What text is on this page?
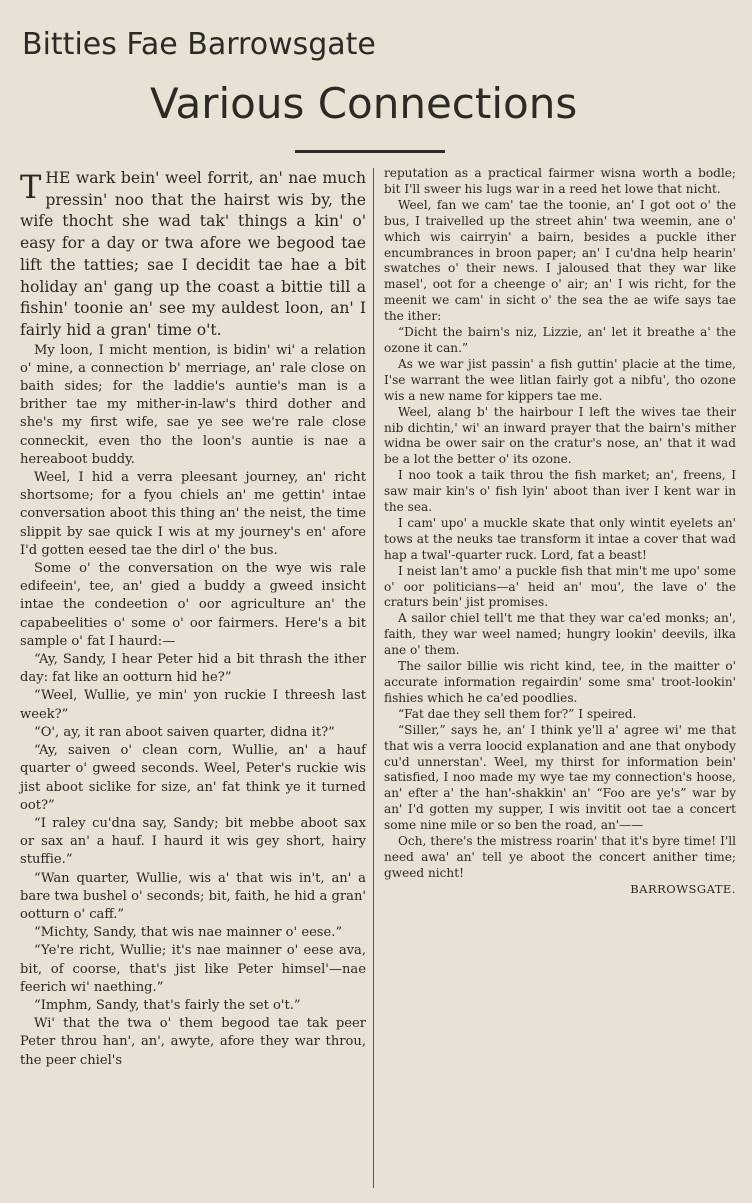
Bitties Fae Barrowsgate
Various Connections

THE wark bein' weel forrit, an' nae much pressin' noo that the hairst wis by, the wife thocht she wad tak' things a kin' o' easy for a day or twa afore we begood tae lift the tatties; sae I decidit tae hae a bit holiday an' gang up the coast a bittie till a fishin' toonie an' see my auldest loon, an' I fairly hid a gran' time o't.

My loon, I micht mention, is bidin' wi' a relation o' mine, a connection b' merriage, an' rale close on baith sides; for the laddie's auntie's man is a brither tae my mither-in-law's third dother and she's my first wife, sae ye see we're rale close conneckit, even tho the loon's auntie is nae a hereaboot buddy.

Weel, I hid a verra pleesant journey, an' richt shortsome; for a fyou chiels an' me gettin' intae conversation aboot this thing an' the neist, the time slippit by sae quick I wis at my journey's en' afore I'd gotten eesed tae the dirl o' the bus.

Some o' the conversation on the wye wis rale edifeein', tee, an' gied a buddy a gweed insicht intae the condeetion o' oor agriculture an' the capabeelities o' some o' oor fairmers. Here's a bit sample o' fat I haurd:—

“Ay, Sandy, I hear Peter hid a bit thrash the ither day: fat like an ootturn hid he?”

“Weel, Wullie, ye min' yon ruckie I threesh last week?”

“O', ay, it ran aboot saiven quarter, didna it?”

“Ay, saiven o' clean corn, Wullie, an' a hauf quarter o' gweed seconds. Weel, Peter's ruckie wis jist aboot siclike for size, an' fat think ye it turned oot?”

“I raley cu'dna say, Sandy; bit mebbe aboot sax or sax an' a hauf. I haurd it wis gey short, hairy stuffie.”

“Wan quarter, Wullie, wis a' that wis in't, an' a bare twa bushel o' seconds; bit, faith, he hid a gran' ootturn o' caff.”

“Michty, Sandy, that wis nae mainner o' eese.”

“Ye're richt, Wullie; it's nae mainner o' eese ava, bit, of coorse, that's jist like Peter himsel'—nae feerich wi' naething.”

“Imphm, Sandy, that's fairly the set o't.”

Wi' that the twa o' them begood tae tak peer Peter throu han', an', awyte, afore they war throu, the peer chiel's

reputation as a practical fairmer wisna worth a bodle; bit I'll sweer his lugs war in a reed het lowe that nicht.

Weel, fan we cam' tae the toonie, an' I got oot o' the bus, I traivelled up the street ahin' twa weemin, ane o' which wis cairryin' a bairn, besides a puckle ither encumbrances in broon paper; an' I cu'dna help hearin' swatches o' their news. I jaloused that they war like masel', oot for a cheenge o' air; an' I wis richt, for the meenit we cam' in sicht o' the sea the ae wife says tae the ither:

“Dicht the bairn's niz, Lizzie, an' let it breathe a' the ozone it can.”

As we war jist passin' a fish guttin' placie at the time, I'se warrant the wee litlan fairly got a nibfu', tho ozone wis a new name for kippers tae me.

Weel, alang b' the hairbour I left the wives tae their nib dichtin,' wi' an inward prayer that the bairn's mither widna be ower sair on the cratur's nose, an' that it wad be a lot the better o' its ozone.

I noo took a taik throu the fish market; an', freens, I saw mair kin's o' fish lyin' aboot than iver I kent war in the sea.

I cam' upo' a muckle skate that only wintit eyelets an' tows at the neuks tae transform it intae a cover that wad hap a twal'-quarter ruck. Lord, fat a beast!

I neist lan't amo' a puckle fish that min't me upo' some o' oor politicians—a' heid an' mou', the lave o' the craturs bein' jist promises.

A sailor chiel tell't me that they war ca'ed monks; an', faith, they war weel named; hungry lookin' deevils, ilka ane o' them.

The sailor billie wis richt kind, tee, in the maitter o' accurate information regairdin' some sma' troot-lookin' fishies which he ca'ed poodlies.

“Fat dae they sell them for?” I speired.

“Siller,” says he, an' I think ye'll a' agree wi' me that that wis a verra loocid explanation and ane that onybody cu'd unnerstan'. Weel, my thirst for information bein' satisfied, I noo made my wye tae my connection's hoose, an' efter a' the han'-shakkin' an' “Foo are ye's” war by an' I'd gotten my supper, I wis invitit oot tae a concert some nine mile or so ben the road, an'——

Och, there's the mistress roarin' that it's byre time! I'll need awa' an' tell ye aboot the concert anither time; gweed nicht!

BARROWSGATE.
